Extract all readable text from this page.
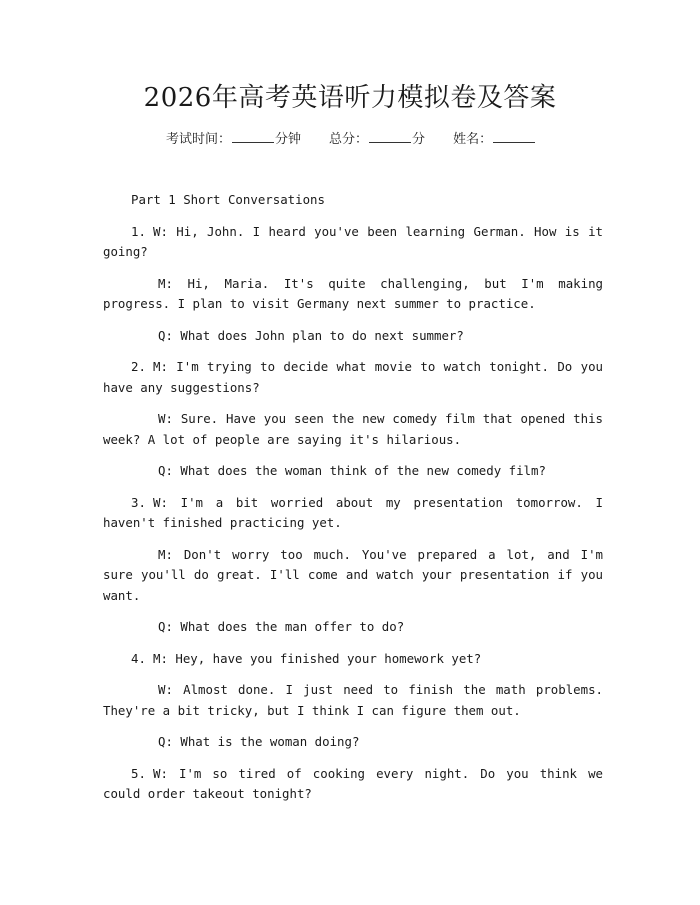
2026年高考英语听力模拟卷及答案
考试时间：	分钟 总分：	分 姓名：
Part 1 Short Conversations

1. W: Hi, John. I heard you've been learning German. How is it going?

M: Hi, Maria. It's quite challenging, but I'm making progress. I plan to visit Germany next summer to practice.

Q: What does John plan to do next summer?

2. M: I'm trying to decide what movie to watch tonight. Do you have any suggestions?

W: Sure. Have you seen the new comedy film that opened this week? A lot of people are saying it's hilarious.

Q: What does the woman think of the new comedy film?

3. W: I'm a bit worried about my presentation tomorrow. I haven't finished practicing yet.

M: Don't worry too much. You've prepared a lot, and I'm sure you'll do great. I'll come and watch your presentation if you want.

Q: What does the man offer to do?

4. M: Hey, have you finished your homework yet?

W: Almost done. I just need to finish the math problems. They're a bit tricky, but I think I can figure them out.

Q: What is the woman doing?

5. W: I'm so tired of cooking every night. Do you think we could order takeout tonight?
